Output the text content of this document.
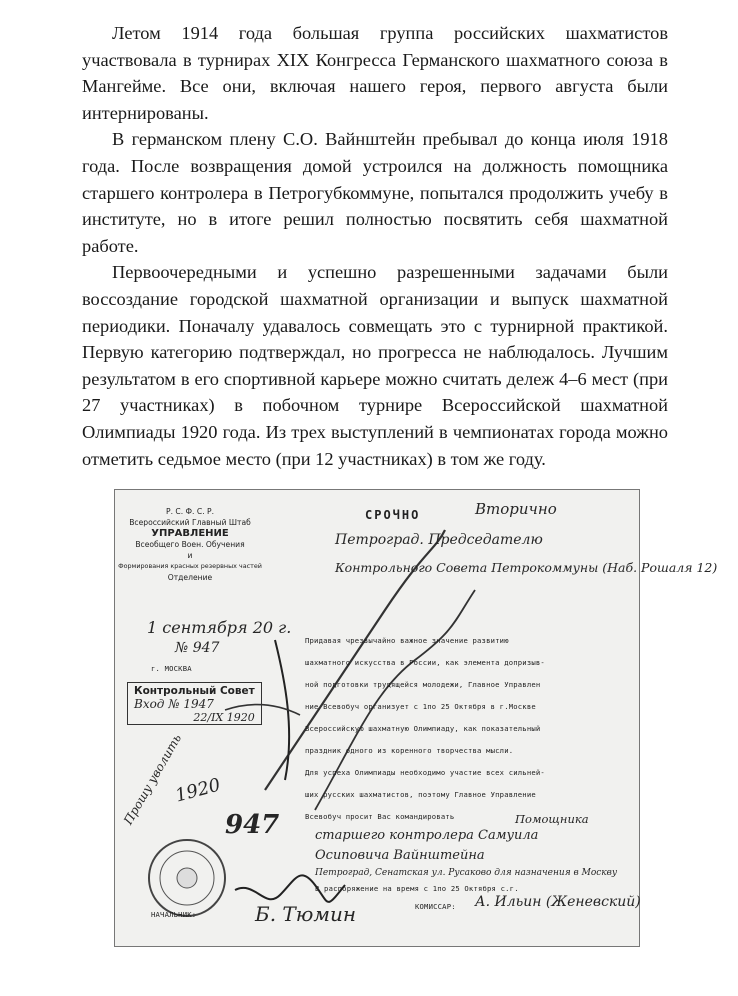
Летом 1914 года большая группа российских шахматистов участвовала в турнирах XIX Конгресса Германского шахматного союза в Мангейме. Все они, включая нашего героя, первого августа были интернированы.

В германском плену С.О. Вайнштейн пребывал до конца июля 1918 года. После возвращения домой устроился на должность помощника старшего контролера в Петрогубкоммуне, попытался продолжить учебу в институте, но в итоге решил полностью посвятить себя шахматной работе.

Первоочередными и успешно разрешенными задачами были воссоздание городской шахматной организации и выпуск шахматной периодики. Поначалу удавалось совмещать это с турнирной практикой. Первую категорию подтверждал, но прогресса не наблюдалось. Лучшим результатом в его спортивной карьере можно считать дележ 4–6 мест (при 27 участниках) в побочном турнире Всероссийской шахматной Олимпиады 1920 года. Из трех выступлений в чемпионатах города можно отметить седьмое место (при 12 участниках) в том же году.

Р. С. Ф. С. Р.
Всероссийский Главный Штаб
УПРАВЛЕНИЕ
Всеобщего Воен. Обучения
и
Формирования красных резервных частей
Отделение
1 сентября 20 г.
№ 947
г. МОСКВА
Контрольный Совет
Вход № 1947
22/IX 1920
СРОЧНО	Вторично
Петроград. Председателю
Контрольного Совета Петрокоммуны (Наб. Рошаля 12)
Придавая чрезвычайно важное значение развитию
шахматного искусства в России, как элемента допризыв-
ной подготовки трудящейся молодежи, Главное Управлен
ние Всевобуч организует с 1по 25 Октября в г.Москве
Всероссийскую шахматную Олимпиаду, как показательный
праздник одного из коренного творчества мысли.
Для успеха Олимпиады необходимо участие всех сильней-
ших русских шахматистов, поэтому Главное Управление
Всевобуч просит Вас командировать	Помощника
старшего контролера Самуила
Осиповича Вайнштейна
Петроград, Сенатская ул. Русаково для назначения в Москву
В распоряжение на время с 1по 25 Октября с.г.
Прошу уволить
1920
947
КОМИССАР: А. Ильин (Женевский)
НАЧАЛЬНИК:	Б. Тюмин
